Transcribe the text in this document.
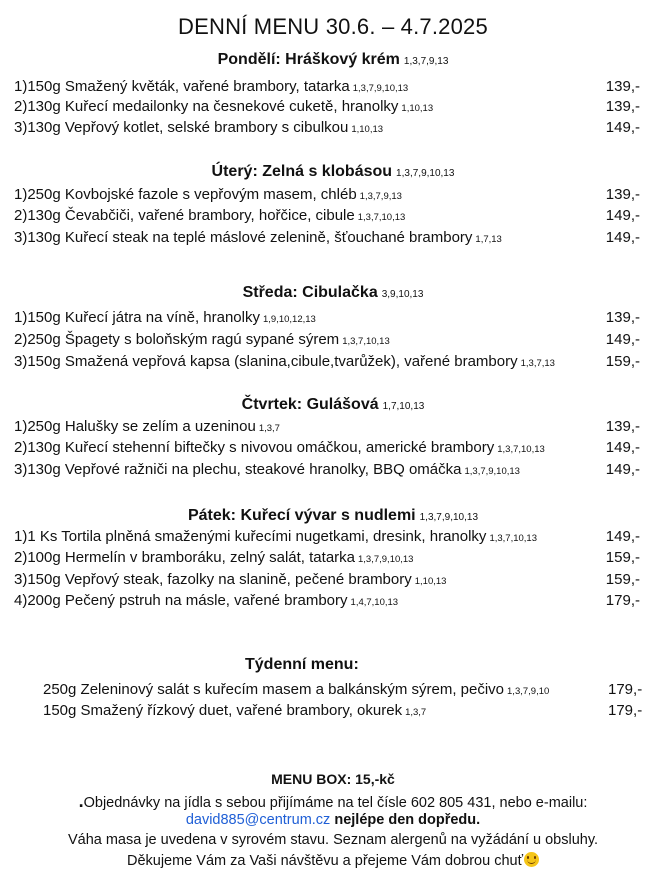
DENNÍ MENU 30.6. – 4.7.2025
Pondělí: Hráškový krém 1,3,7,9,13
1)150g Smažený květák, vařené brambory, tatarka 1,3,7,9,10,13	139,-
2)130g Kuřecí medailonky na česnekové cuketě, hranolky 1,10,13	139,-
3)130g Vepřový kotlet, selské brambory s cibulkou 1,10,13	149,-
Úterý: Zelná s klobásou 1,3,7,9,10,13
1)250g Kovbojské fazole s vepřovým masem, chléb 1,3,7,9,13	139,-
2)130g Čevabčiči, vařené brambory, hořčice, cibule 1,3,7,10,13	149,-
3)130g Kuřecí steak na teplé máslové zelenině, šťouchané brambory 1,7,13	149,-
Středa: Cibulačka 3,9,10,13
1)150g Kuřecí játra na víně, hranolky 1,9,10,12,13	139,-
2)250g Špagety s boloňským ragú sypané sýrem 1,3,7,10,13	149,-
3)150g Smažená vepřová kapsa (slanina,cibule,tvarůžek), vařené brambory 1,3,7,13	159,-
Čtvrtek: Gulášová 1,7,10,13
1)250g Halušky se zelím a uzeninou 1,3,7	139,-
2)130g Kuřecí stehenní biftečky s nivovou omáčkou, americké brambory 1,3,7,10,13	149,-
3)130g Vepřové ražniči na plechu, steakové hranolky, BBQ omáčka 1,3,7,9,10,13	149,-
Pátek: Kuřecí vývar s nudlemi 1,3,7,9,10,13
1)1 Ks Tortila plněná smaženými kuřecími nugetkami, dresink, hranolky 1,3,7,10,13	149,-
2)100g Hermelín v bramboráku, zelný salát, tatarka 1,3,7,9,10,13	159,-
3)150g Vepřový steak, fazolky na slanině, pečené brambory 1,10,13	159,-
4)200g Pečený pstruh na másle, vařené brambory 1,4,7,10,13	179,-
Týdenní menu:
250g Zeleninový salát s kuřecím masem a balkánským sýrem, pečivo 1,3,7,9,10	179,-
150g Smažený řízkový duet, vařené brambory, okurek 1,3,7	179,-
MENU BOX: 15,-kč
.Objednávky na jídla s sebou přijímáme na tel čísle 602 805 431, nebo e-mailu:
david885@centrum.cz nejlépe den dopředu.
Váha masa je uvedena v syrovém stavu. Seznam alergenů na vyžádání u obsluhy.
Děkujeme Vám za Vaši návštěvu a přejeme Vám dobrou chuť
